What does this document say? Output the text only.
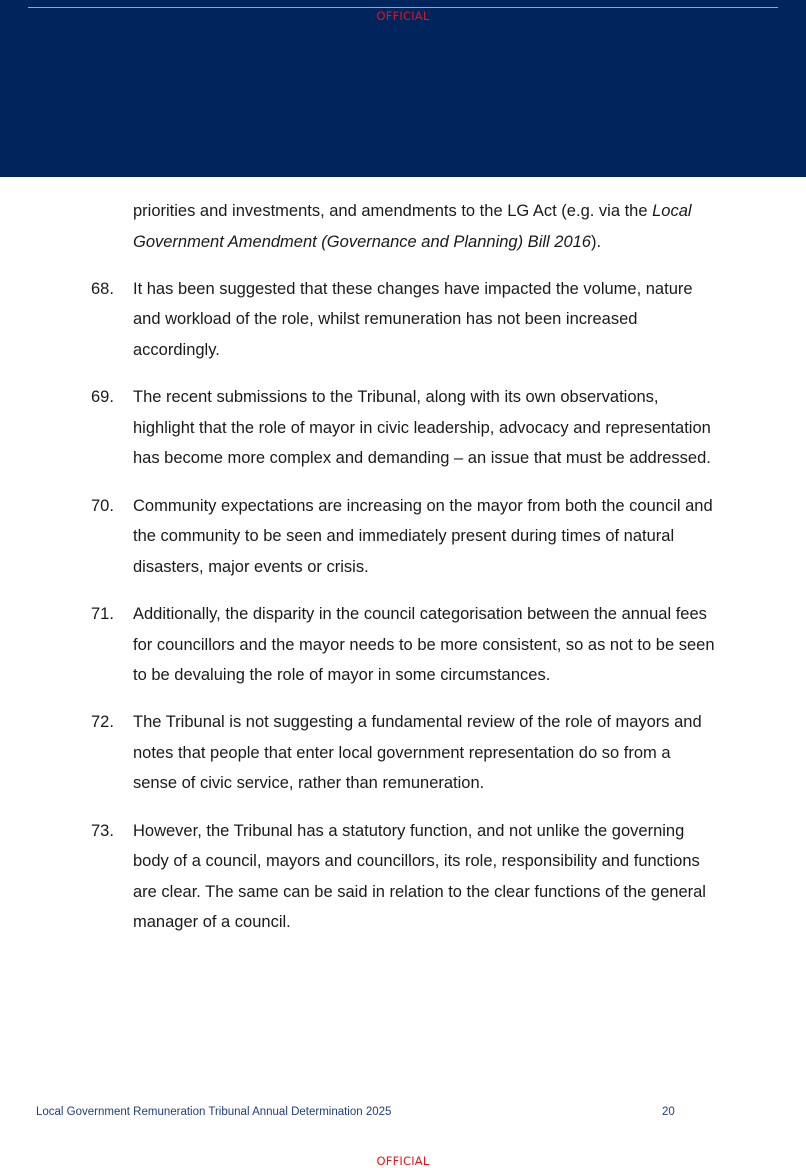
OFFICIAL

priorities and investments, and amendments to the LG Act (e.g. via the Local Government Amendment (Governance and Planning) Bill 2016).

68. It has been suggested that these changes have impacted the volume, nature and workload of the role, whilst remuneration has not been increased accordingly.

69. The recent submissions to the Tribunal, along with its own observations, highlight that the role of mayor in civic leadership, advocacy and representation has become more complex and demanding – an issue that must be addressed.

70. Community expectations are increasing on the mayor from both the council and the community to be seen and immediately present during times of natural disasters, major events or crisis.

71. Additionally, the disparity in the council categorisation between the annual fees for councillors and the mayor needs to be more consistent, so as not to be seen to be devaluing the role of mayor in some circumstances.

72. The Tribunal is not suggesting a fundamental review of the role of mayors and notes that people that enter local government representation do so from a sense of civic service, rather than remuneration.

73. However, the Tribunal has a statutory function, and not unlike the governing body of a council, mayors and councillors, its role, responsibility and functions are clear. The same can be said in relation to the clear functions of the general manager of a council.

Local Government Remuneration Tribunal Annual Determination 2025	20
OFFICIAL
